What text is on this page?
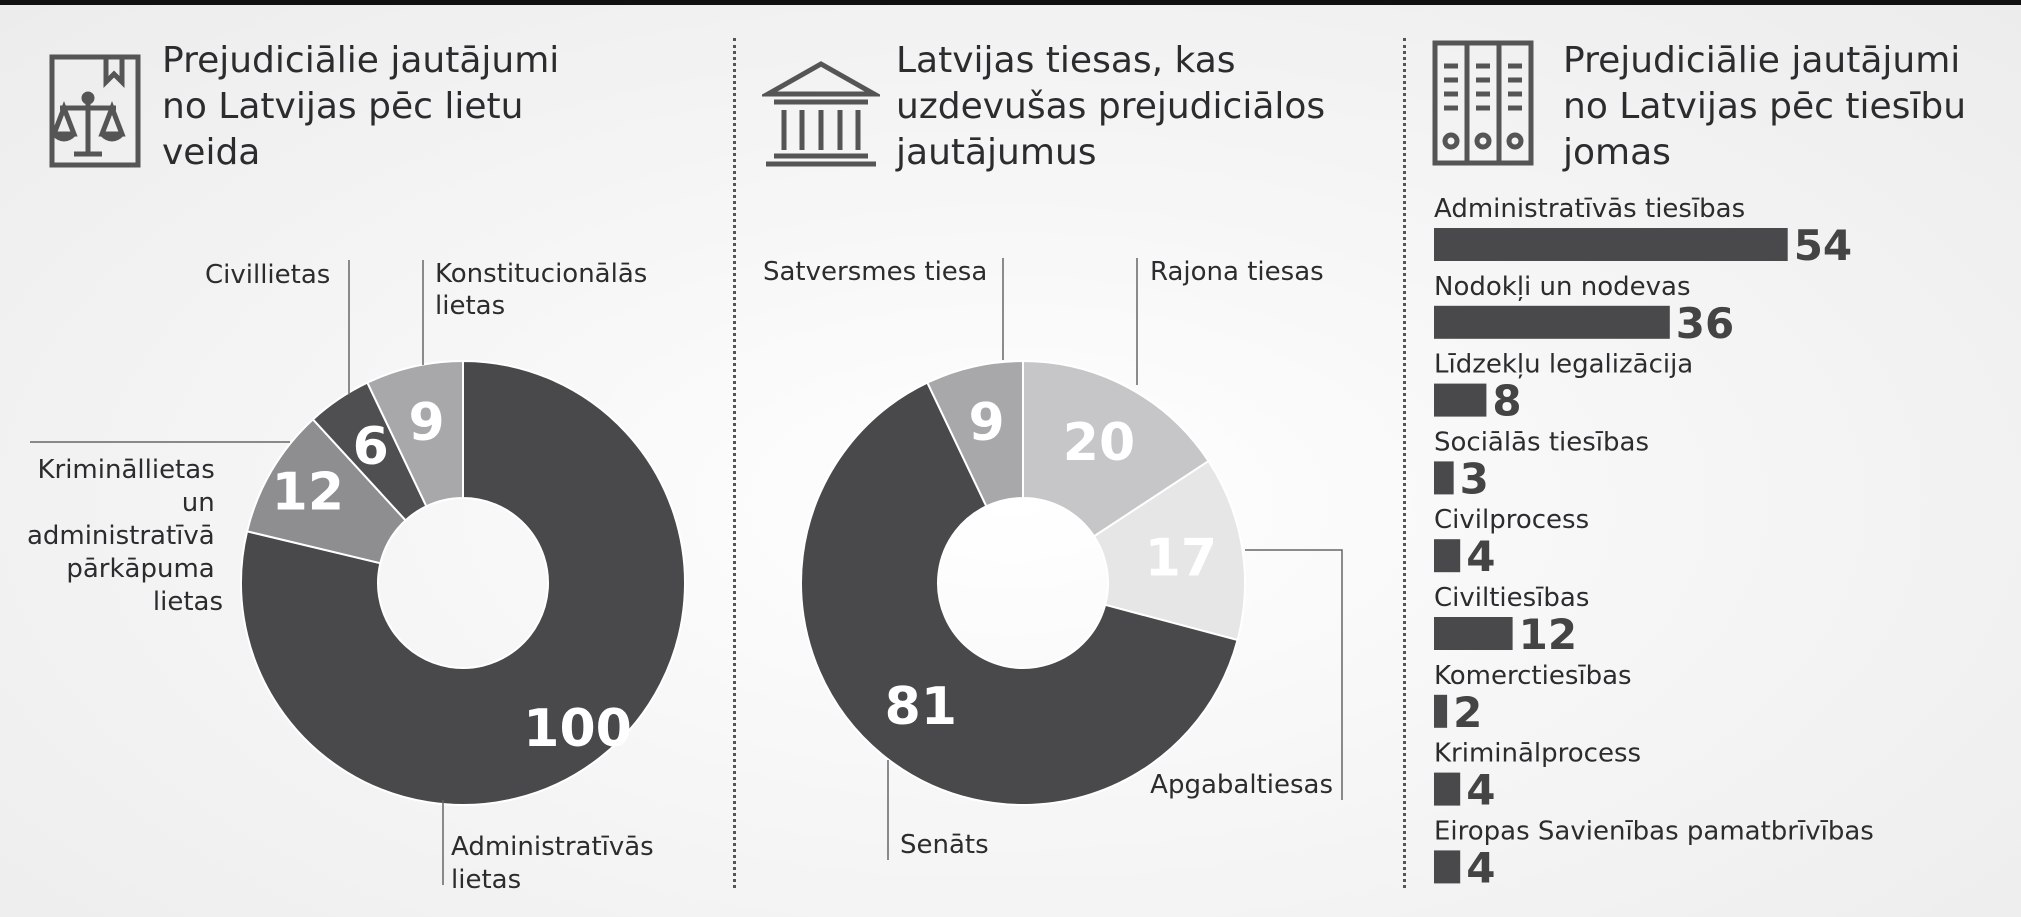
Prejudiciālie jautājumi
no Latvijas pēc lietu
veida
Latvijas tiesas, kas
uzdevušas prejudiciālos
jautājumus
Prejudiciālie jautājumi
no Latvijas pēc tiesību
jomas
100
12
6 9
Civillietas	Konstitucionālās lietas
Krimināllietas un administratīvā pārkāpuma lietas
Administratīvās lietas
20
17
81
9
Satversmes tiesa	Rajona tiesas
Apgabaltiesas
Senāts
Administratīvās tiesības
54
Nodokļi un nodevas
36
Līdzekļu legalizācija
8
Sociālās tiesības
3
Civilprocess
4
Civiltiesības
12
Komerctiesības
2
Kriminālprocess
4
Eiropas Savienības pamatbrīvības
4
